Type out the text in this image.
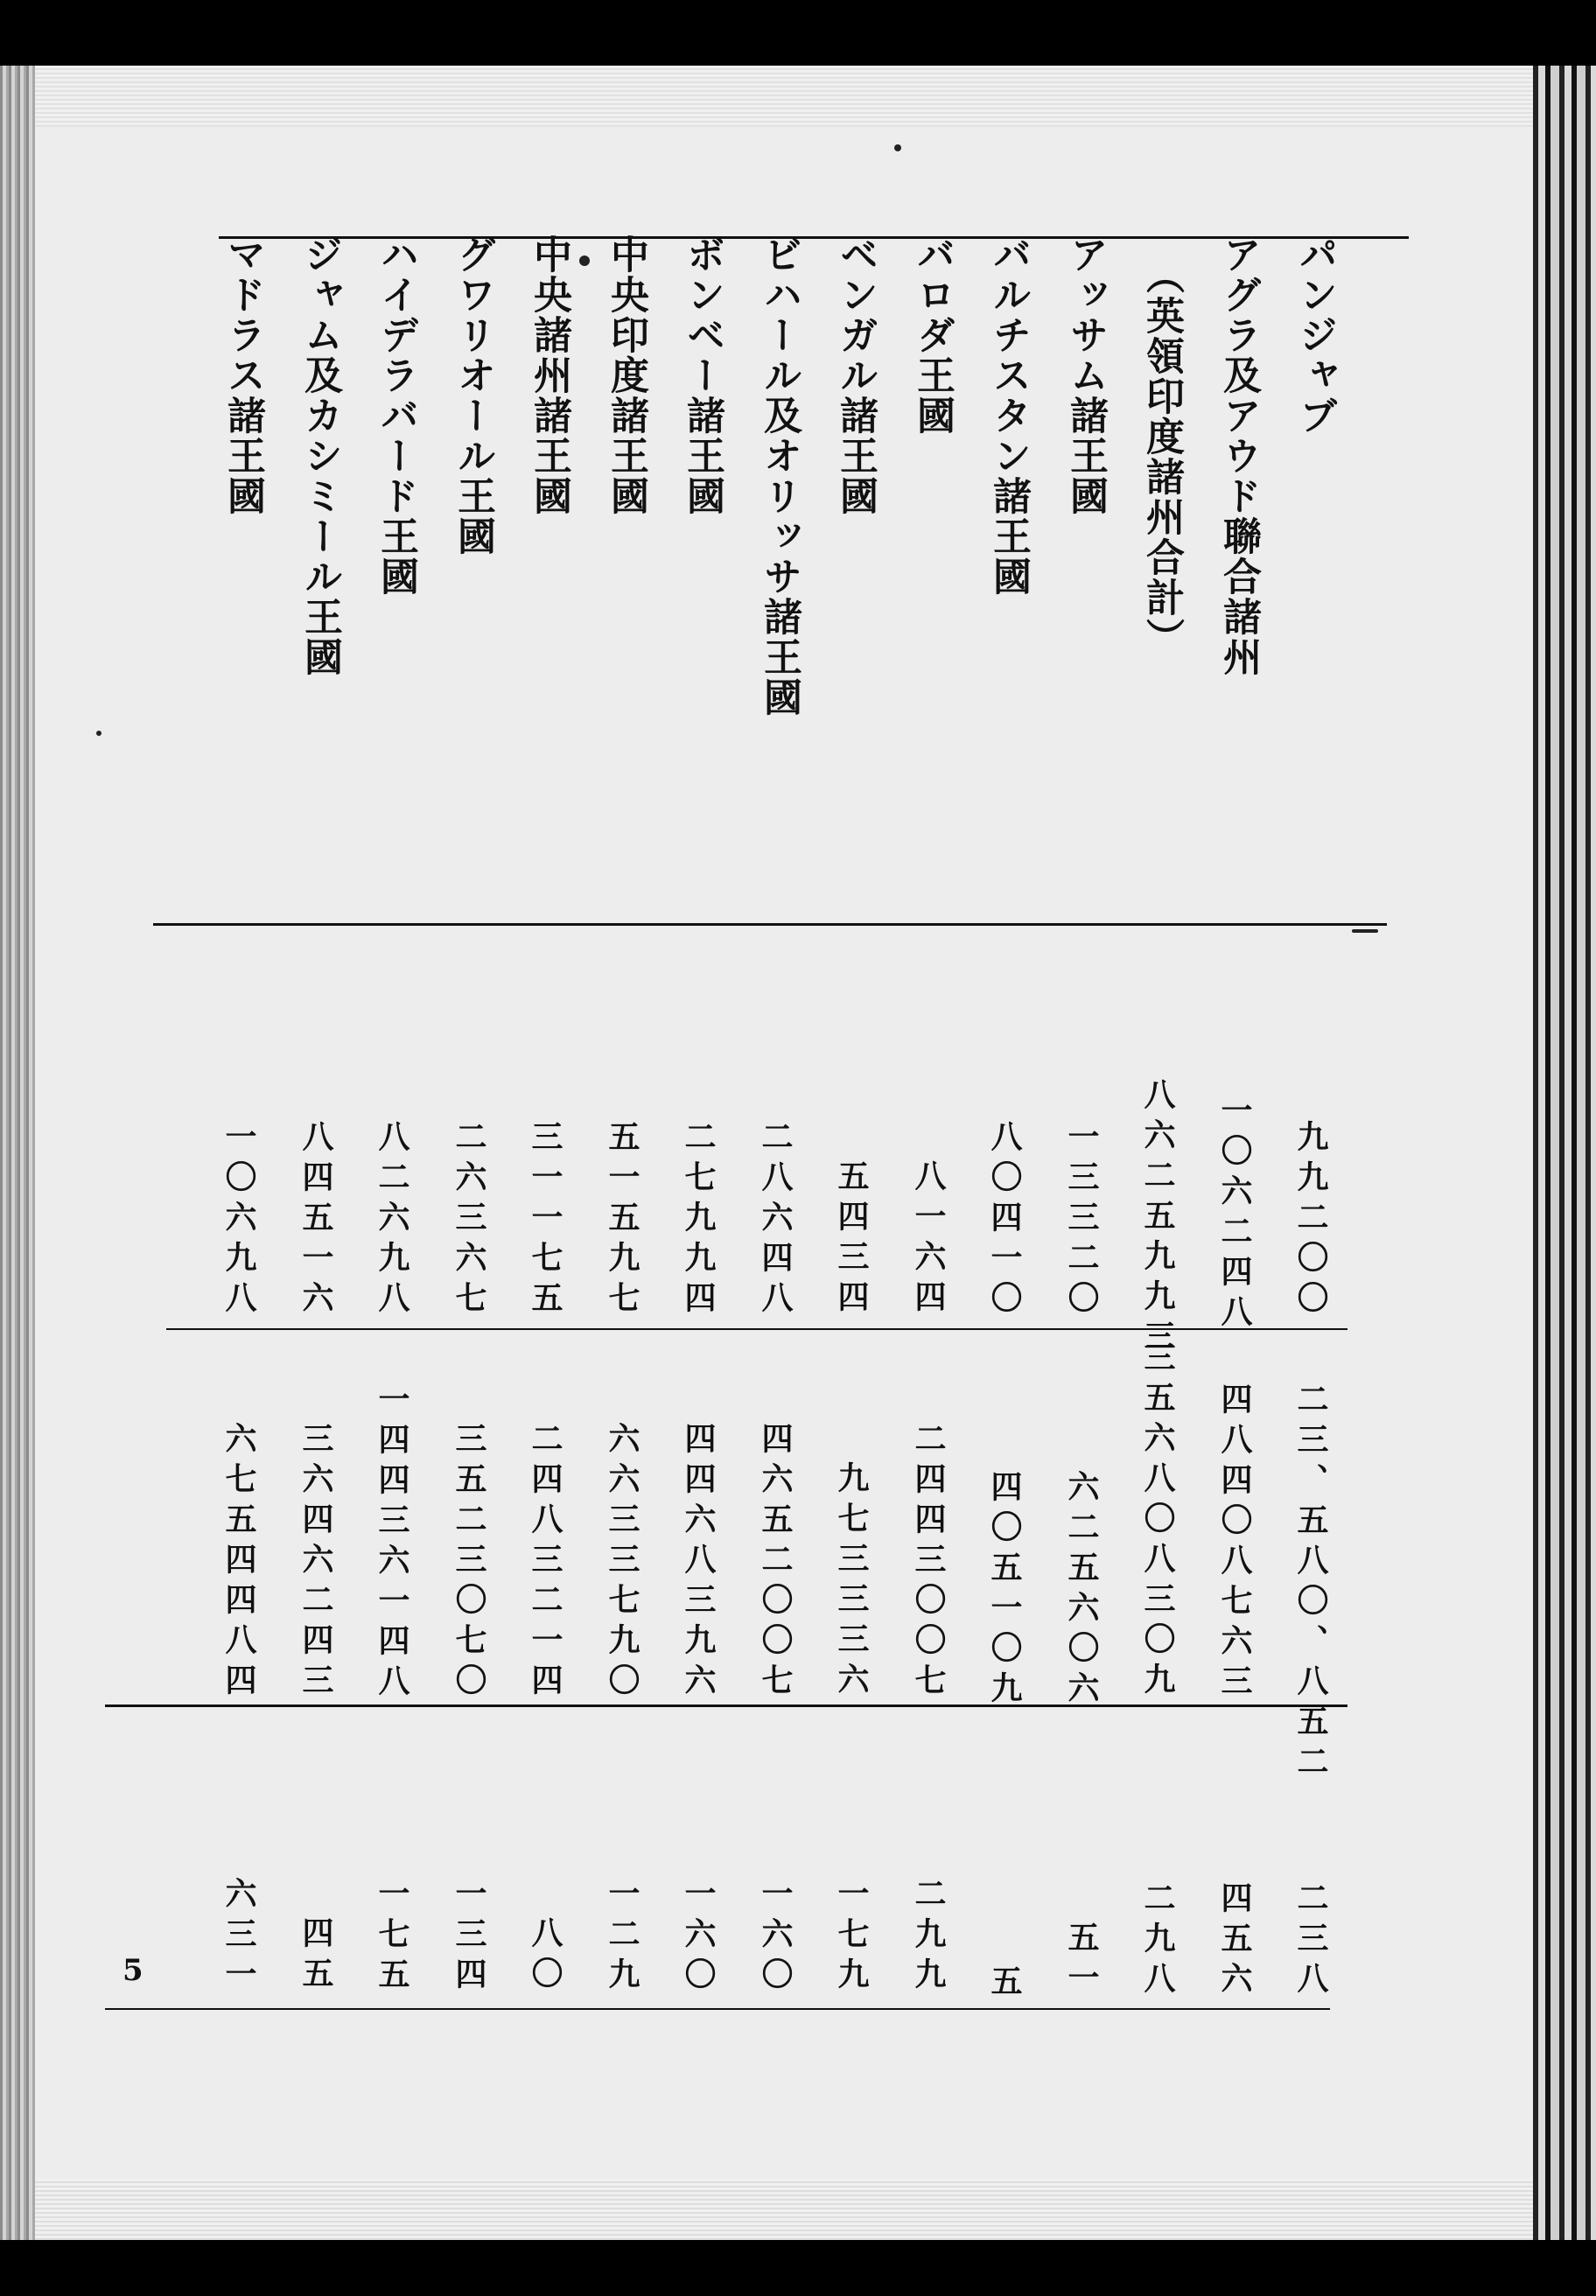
パンジャブ
九九二〇〇
二三、五八〇、八五二
二三八
アグラ及アウド聯合諸州
一〇六二四八
四八四〇八七六三
四五六
（英領印度諸州合計）
八六二五九九三
三五六八〇八三〇九
二九八
アッサム諸王國
一三三二〇
六二五六〇六
五一
バルチスタン諸王國
八〇四一〇
四〇五一〇九
五
バロダ王國
八一六四
二四四三〇〇七
二九九
ベンガル諸王國
五四三四
九七三三三六
一七九
ビハール及オリッサ諸王國
二八六四八
四六五二〇〇七
一六〇
ボンベー諸王國
二七九九四
四四六八三九六
一六〇
中央印度諸王國
五一五九七
六六三三七九〇
一二九
中央諸州諸王國
三一一七五
二四八三二一四
八〇
グワリオール王國
二六三六七
三五二三〇七〇
一三四
ハイデラバード王國
八二六九八
一四四三六一四八
一七五
ジャム及カシミール王國
八四五一六
三六四六二四三
四五
マドラス諸王國
一〇六九八
六七五四四八四
六三一
5
